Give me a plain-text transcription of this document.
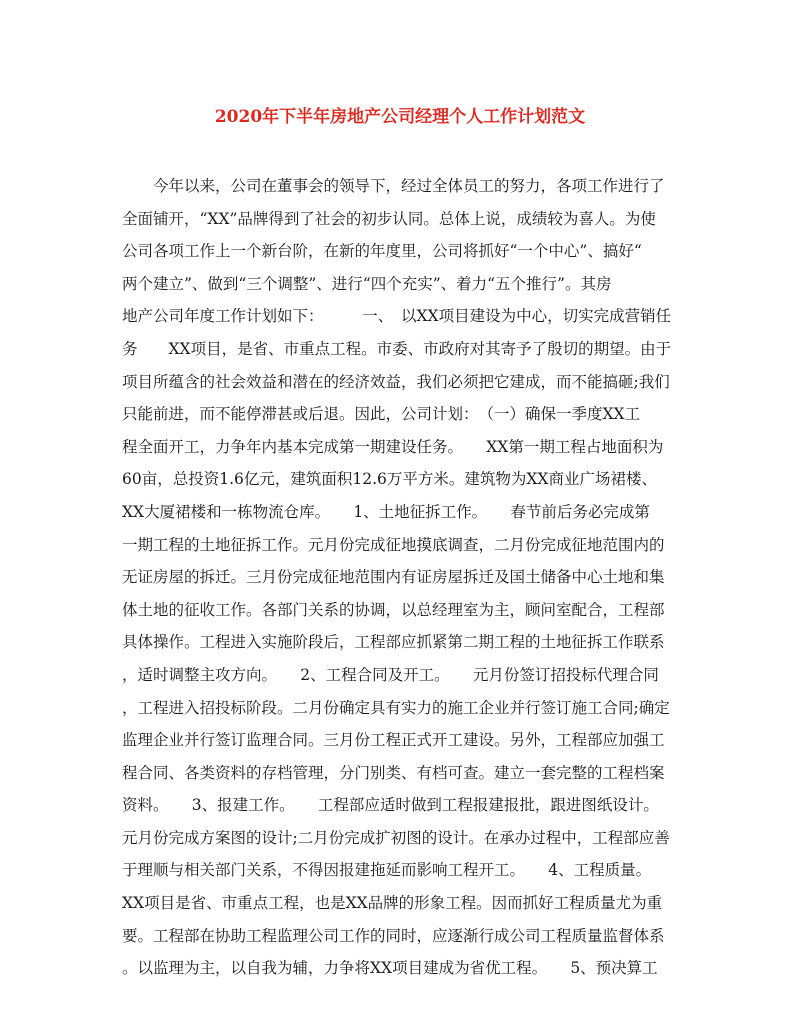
2020年下半年房地产公司经理个人工作计划范文
　　今年以来，公司在董事会的领导下，经过全体员工的努力，各项工作进行了
全面铺开，“XX”品牌得到了社会的初步认同。总体上说，成绩较为喜人。为使
公司各项工作上一个新台阶，在新的年度里，公司将抓好“一个中心”、搞好“
两个建立”、做到“三个调整”、进行“四个充实”、着力“五个推行”。其房
地产公司年度工作计划如下：　　　一、　以XX项目建设为中心，切实完成营销任
务　　XX项目，是省、市重点工程。市委、市政府对其寄予了殷切的期望。由于
项目所蕴含的社会效益和潜在的经济效益，我们必须把它建成，而不能搞砸;我们
只能前进，而不能停滞甚或后退。因此，公司计划：　（一）确保一季度XX工
程全面开工，力争年内基本完成第一期建设任务。　　XX第一期工程占地面积为
60亩，总投资1.6亿元，建筑面积12.6万平方米。建筑物为XX商业广场裙楼、
XX大厦裙楼和一栋物流仓库。　　1、土地征拆工作。　　春节前后务必完成第
一期工程的土地征拆工作。元月份完成征地摸底调查，二月份完成征地范围内的
无证房屋的拆迁。三月份完成征地范围内有证房屋拆迁及国土储备中心土地和集
体土地的征收工作。各部门关系的协调，以总经理室为主，顾问室配合，工程部
具体操作。工程进入实施阶段后，工程部应抓紧第二期工程的土地征拆工作联系
，适时调整主攻方向。　　2、工程合同及开工。　　元月份签订招投标代理合同
，工程进入招投标阶段。二月份确定具有实力的施工企业并行签订施工合同;确定
监理企业并行签订监理合同。三月份工程正式开工建设。另外，工程部应加强工
程合同、各类资料的存档管理，分门别类、有档可查。建立一套完整的工程档案
资料。　　3、报建工作。　　工程部应适时做到工程报建报批，跟进图纸设计。
元月份完成方案图的设计;二月份完成扩初图的设计。在承办过程中，工程部应善
于理顺与相关部门关系，不得因报建拖延而影响工程开工。　　4、工程质量。
XX项目是省、市重点工程，也是XX品牌的形象工程。因而抓好工程质量尤为重
要。工程部在协助工程监理公司工作的同时，应逐渐行成公司工程质量监督体系
。以监理为主，以自我为辅，力争将XX项目建成为省优工程。　　5、预决算工
